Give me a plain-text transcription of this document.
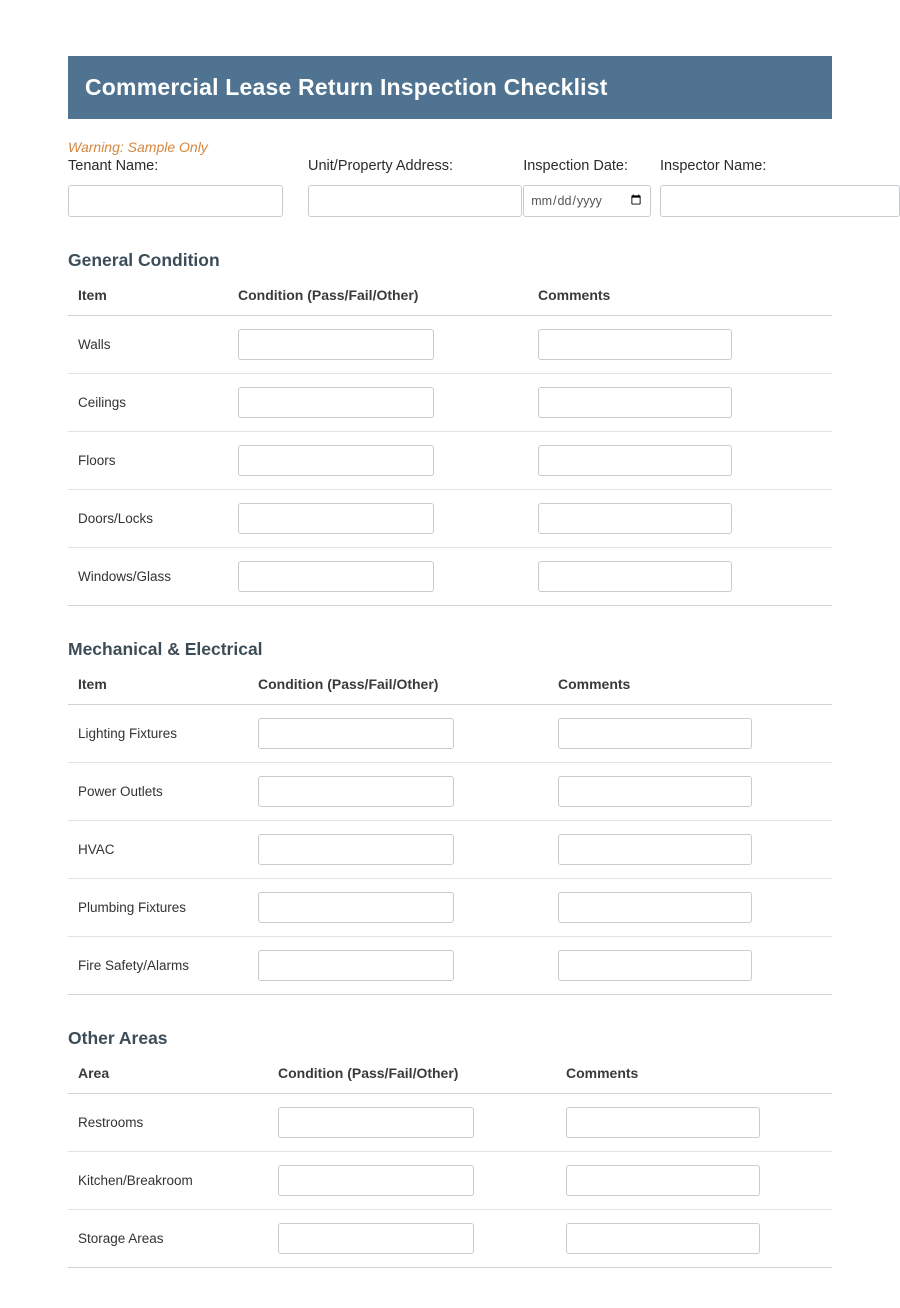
Commercial Lease Return Inspection Checklist
Warning: Sample Only
Tenant Name:	Unit/Property Address:	Inspection Date:	Inspector Name:
General Condition
Item	Condition (Pass/Fail/Other)	Comments
Walls		
Ceilings		
Floors		
Doors/Locks		
Windows/Glass		
Mechanical & Electrical
Item	Condition (Pass/Fail/Other)	Comments
Lighting Fixtures		
Power Outlets		
HVAC		
Plumbing Fixtures		
Fire Safety/Alarms		
Other Areas
Area	Condition (Pass/Fail/Other)	Comments
Restrooms		
Kitchen/Breakroom		
Storage Areas		
